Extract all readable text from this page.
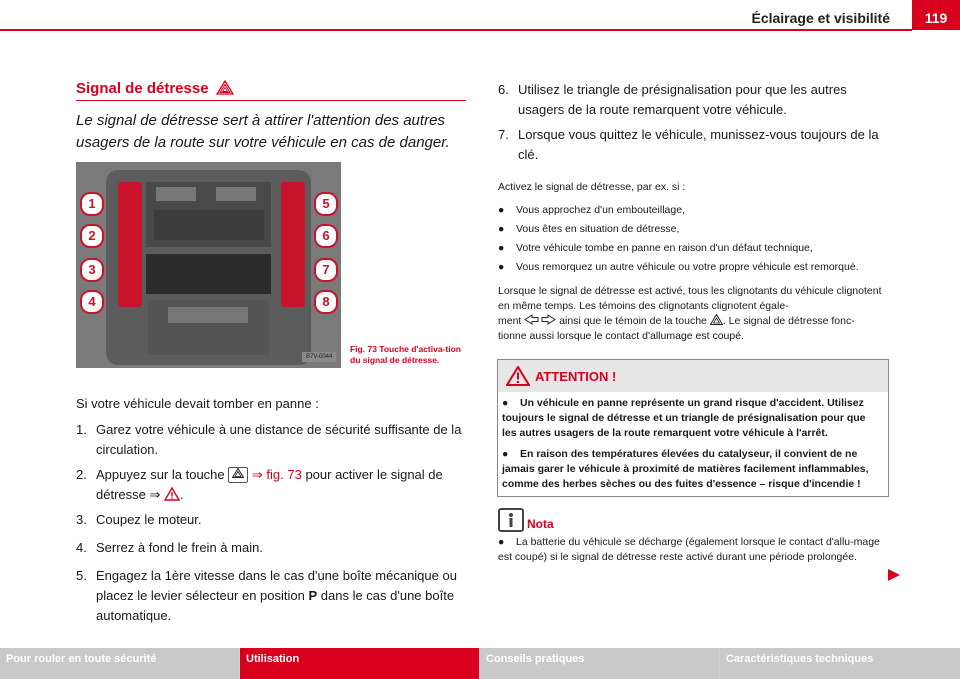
Éclairage et visibilité	119
Signal de détresse
Le signal de détresse sert à attirer l'attention des autres usagers de la route sur votre véhicule en cas de danger.
1
2
3
4
5
6
7
8
B7V-0044
Fig. 73 Touche d'activa-tion du signal de détresse.
Si votre véhicule devait tomber en panne :
1. Garez votre véhicule à une distance de sécurité suffisante de la circulation.
2. Appuyez sur la touche ⇒ fig. 73 pour activer le signal de détresse ⇒ .
3. Coupez le moteur.
4. Serrez à fond le frein à main.
5. Engagez la 1ère vitesse dans le cas d'une boîte mécanique ou placez le levier sélecteur en position P dans le cas d'une boîte automatique.
6. Utilisez le triangle de présignalisation pour que les autres usagers de la route remarquent votre véhicule.
7. Lorsque vous quittez le véhicule, munissez-vous toujours de la clé.
Activez le signal de détresse, par ex. si :
● Vous approchez d'un embouteillage,
● Vous êtes en situation de détresse,
● Votre véhicule tombe en panne en raison d'un défaut technique,
● Vous remorquez un autre véhicule ou votre propre véhicule est remorqué.
Lorsque le signal de détresse est activé, tous les clignotants du véhicule clignotent en même temps. Les témoins des clignotants clignotent égale-
ment	ainsi que le témoin de la touche . Le signal de détresse fonc-
tionne aussi lorsque le contact d'allumage est coupé.
ATTENTION !
●	Un véhicule en panne représente un grand risque d'accident. Utilisez toujours le signal de détresse et un triangle de présignalisation pour que les autres usagers de la route remarquent votre véhicule à l'arrêt.
●	En raison des températures élevées du catalyseur, il convient de ne jamais garer le véhicule à proximité de matières facilement inflammables, comme des herbes sèches ou des fuites d'essence – risque d'incendie !
Nota
●	La batterie du véhicule se décharge (également lorsque le contact d'allu-mage est coupé) si le signal de détresse reste activé durant une période prolongée.
Pour rouler en toute sécurité	Utilisation	Conseils pratiques	Caractéristiques techniques
